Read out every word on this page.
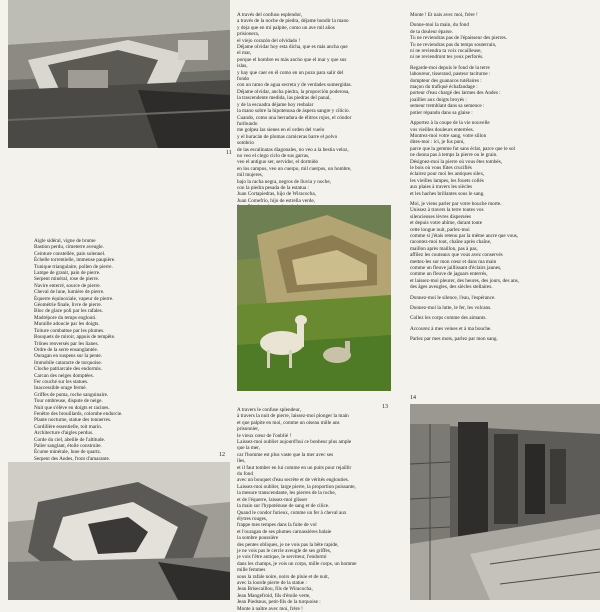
11

Aigle sidéral, vigne de brume

Bastion perdu, cimeterre aveugle.

Ceinture constellée, pain solennel.

Échelle torrentielle, immense paupière.

Tunique triangulaire, pollen de pierre.

Lampe de granit, pain de pierre.

Serpent minéral, rose de pierre.

Navire enterré, source de pierre.

Cheval de lune, lumière de pierre.

Équerre équinoxiale, vapeur de pierre.

Géométrie finale, livre de pierre.

Bloc de glace poli par les rafales.

Madrépore du temps englouti.

Muraille adoucie par les doigts.

Toiture combattue par les plumes.

Bouquets de miroir, appuis de tempête.

Trônes renversés par les lianes.

Ordre de la serre ensanglantée.

Ouragan en suspens sur la pente.

Immobile cataracte de turquoise.

Cloche patriarcale des endormis.

Carcan des neiges domptées.

Fer couché sur les statues.

Inaccessible orage fermé.

Griffes de puma, roche sanguinaire.

Tour ombreuse, dispute de neige.

Nuit que s'élève en doigts et racines.

Fenêtre des brouillards, colombe endurcie.

Plante nocturne, statue des tonnerres.

Cordillère essentielle, toit marin.

Architecture d'aigles perdus.

Corde du ciel, abeille de l'altitude.

Palier sanglant, étoile construite.

Écume minérale, lune de quartz.

Serpent des Andes, front d'amarante.

12

A travers le confuse splendeur,

à travers la nuit de pierre, laissez-moi plonger la main

et que palpite en moi, comme un oiseau mille ans

prisonnier,

le vieux cœur de l'oublié !

Laissez-moi oublier aujourd'hui ce bonheur plus ample

que la mer,

car l'homme est plus vaste que la mer avec ses

îles,

et il faut tomber en lui comme en un puits pour rejaillir

du fond

avec un bouquet d'eau secrète et de vérités englouties.

Laissez-moi oublier, large pierre, la proportion puissante,

la mesure transcendante, les pierres de la ruche,

et de l'équerre, laissez-moi glisser

la main sur l'hypoténuse de sang et de cilice.

Quand le condor furieux, comme un fer à cheval aux

élytres rouges,

frappe mes tempes dans la fuite de vol

et l'ouragan de ses plumes carnassières balaie

la sombre poussière

des pentes obliques, je ne vois pas la bête rapide,

je ne vois pas le cercle aveugle de ses griffes,

je vois l'être antique, le serviteur, l'endormi

dans les champs, je vois un corps, mille corps, un homme

mille femmes

sous la rafale noire, noirs de pluie et de nuit,

avec la lourde pierre de la statue :

Jean Brisecaillou, fils de Wiracocha,

Jean Mangefroid, fils d'étoile verte,

Jean Piedsnus, petit-fils de la turquoise :

Monte à naître avec moi, frère !

A través del confuso esplendor,

a través de la noche de piedra, déjame hundir la mano

y deja que en mí palpite, como un ave mil años

prisionera,

el viejo corazón del olvidado !

Déjame olvidar hoy esta dicha, que es más ancha que

el mar,

porque el hombre es más ancho que el mar y que sus

islas,

y hay que caer en él como en un pozo para salir del

fondo

con un ramo de agua secreta y de verdades sumergidas.

Déjame olvidar, ancha piedra, la proporción poderosa,

la trascendente medida, las piedras del panal,

y de la escuadra déjame hoy resbalar

la mano sobre la hipotenusa de áspera sangre y cilicio.

Cuando, como una herradura de élitros rojos, el cóndor

furibundo

me golpea las sienes en el orden del vuelo

y el huracán de plumas carniceras barre el polvo

sombrío

de las escalinatas diagonales, no veo a la bestia veloz,

no veo el ciego ciclo de sus garras,

veo el antiguo ser, servidor, el dormido

en los campos, veo un cuerpo, mil cuerpos, un hombre,

mil mujeres,

bajo la racha negra, negros de lluvia y noche,

con la piedra pesada de la estatua :

Juan Cortapiedras, hijo de Wiracocha,

Juan Comefrío, hijo de estrella verde,

13

Monte ! Et nais avec moi, frère !

Donne-moi la main, du fond

de ta douleur éparse.

Tu ne reviendras pas de l'épaisseur des pierres.

Tu ne reviendras pas du temps souterrain,

ni ne reviendra ta voix rocailleuse,

ni ne reviendront tes yeux perforés.

Regarde-moi depuis le fond de la terre

laboureur, tisserand, pasteur taciturne :

dompteur des guanacos tutélaires :

maçon du trafiqué échafaudage :

porteur d'eau chargé des larmes des Andes :

joaillier aux doigts broyés :

semeur tremblant dans sa semence :

potier répandu dans sa glaise :

Apportez à la coupe de la vie nouvelle

vos vieilles douleurs enterrées.

Montrez-moi votre sang, votre sillon

dites-moi : ici, je fus puni,

parce que la gemme fut sans éclat, parce que le sol

ne donna pas à temps la pierre ou le grain.

Désignez-moi la pierre où vous êtes tombés,

le bois où vous fûtes crucifiés

éclairez pour moi les antiques silex,

les vieilles lampes, les fouets collés

aux plaies à travers les siècles

et les haches brillantes sous le sang.

Moi, je viens parler par votre bouche morte.

Unissez à travers la terre toutes vos

silencieuses lèvres dispersées

et depuis votre abîme, durant toute

cette longue nuit, parlez-moi

comme si j'étais retenu par la même ancre que vous,

racontez-moi tout, chaîne après chaîne,

maillon après maillon, pas à pas,

affilez les couteaux que vous avez conservés

mettez-les sur mon cœur et dans ma main

comme un fleuve jaillissant d'éclairs jaunes,

comme un fleuve de jaguars enterrés,

et laissez-moi pleurer, des heures, des jours, des ans,

des âges aveugles, des siècles stellaires.

Donnez-moi le silence, l'eau, l'espérance.

Donnez-moi la lutte, le fer, les volcans.

Collez les corps comme des aimants.

Accourez à mes veines et à ma bouche.

Parlez par mes mots, parlez par mon sang.

14
